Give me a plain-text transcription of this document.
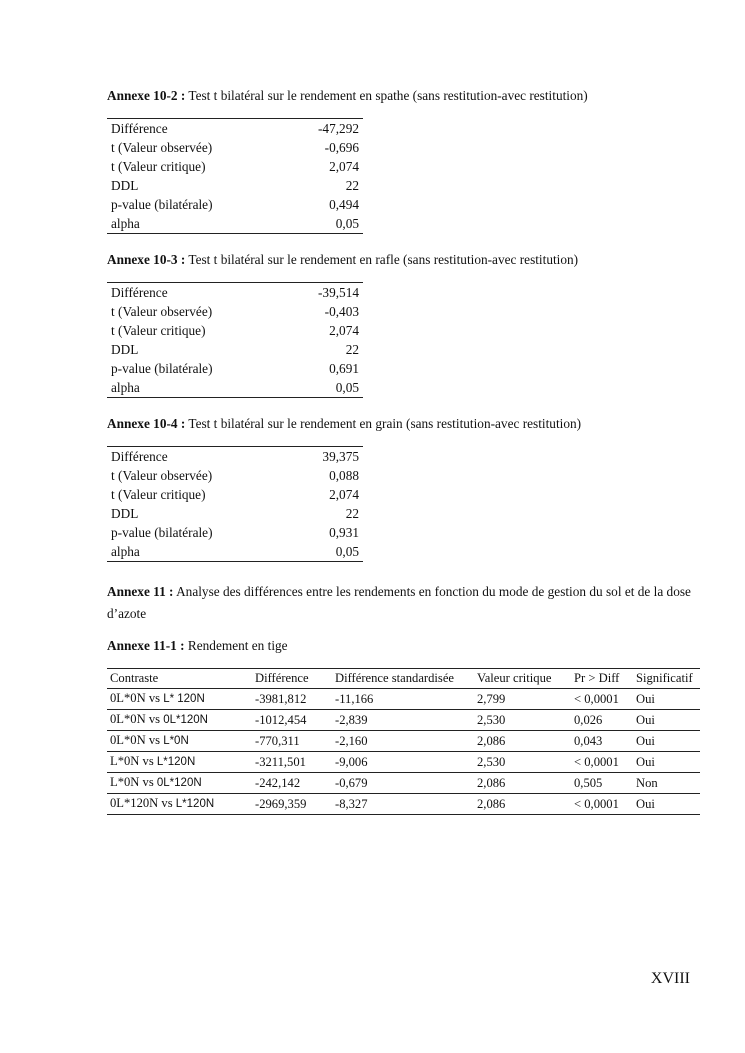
Annexe 10-2 : Test t bilatéral sur le rendement en spathe (sans restitution-avec restitution)
Différence	-47,292
t (Valeur observée)	-0,696
t (Valeur critique)	2,074
DDL	22
p-value (bilatérale)	0,494
alpha	0,05
Annexe 10-3 : Test t bilatéral sur le rendement en rafle (sans restitution-avec restitution)
Différence	-39,514
t (Valeur observée)	-0,403
t (Valeur critique)	2,074
DDL	22
p-value (bilatérale)	0,691
alpha	0,05
Annexe 10-4 : Test t bilatéral sur le rendement en grain (sans restitution-avec restitution)
Différence	39,375
t (Valeur observée)	0,088
t (Valeur critique)	2,074
DDL	22
p-value (bilatérale)	0,931
alpha	0,05
Annexe 11 : Analyse des différences entre les rendements en fonction du mode de gestion du sol et de la dose d’azote
Annexe 11-1 : Rendement en tige
Contraste	Différence	Différence standardisée	Valeur critique	Pr > Diff	Significatif
0L*0N vs L* 120N	-3981,812	-11,166	2,799	< 0,0001	Oui
0L*0N vs 0L*120N	-1012,454	-2,839	2,530	0,026	Oui
0L*0N vs L*0N	-770,311	-2,160	2,086	0,043	Oui
L*0N vs L*120N	-3211,501	-9,006	2,530	< 0,0001	Oui
L*0N vs 0L*120N	-242,142	-0,679	2,086	0,505	Non
0L*120N vs L*120N	-2969,359	-8,327	2,086	< 0,0001	Oui
XVIII
